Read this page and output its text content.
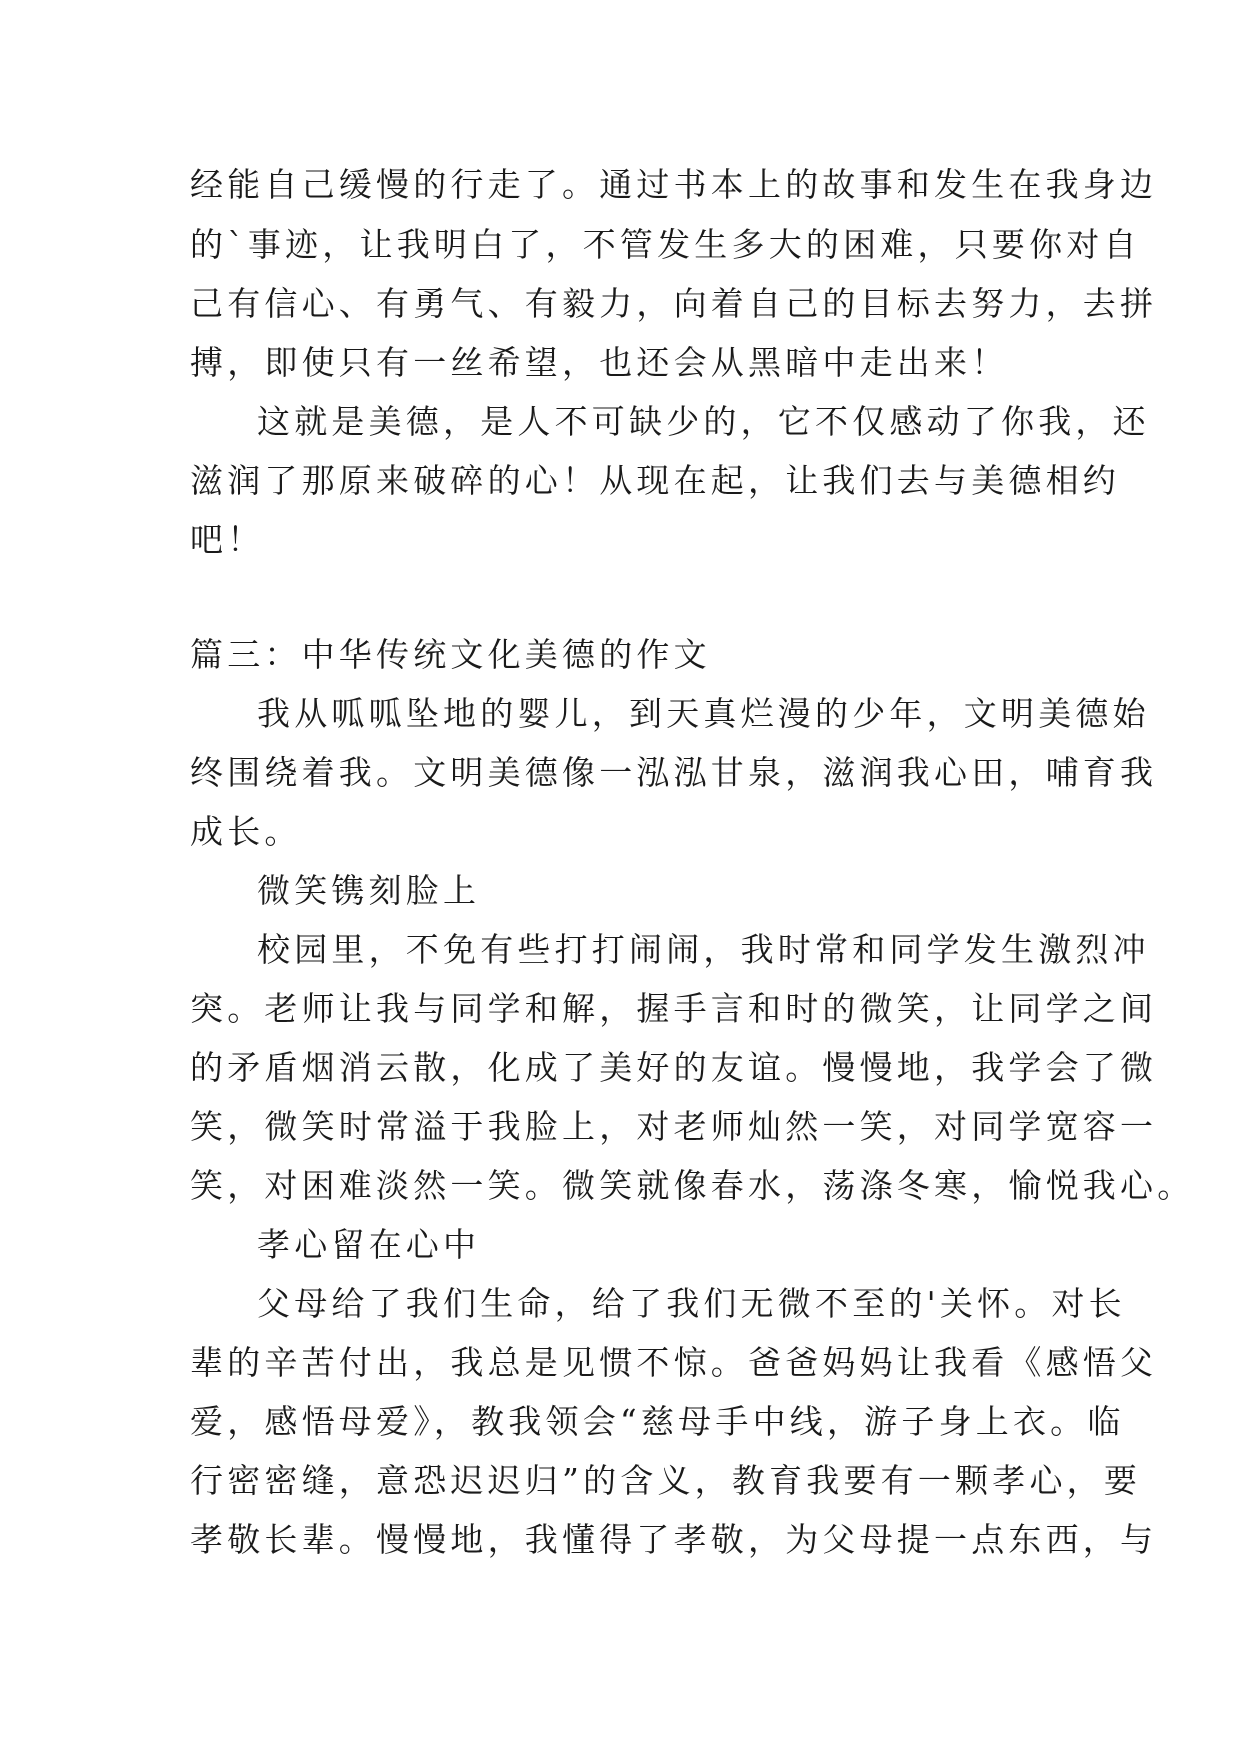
经能自己缓慢的行走了。通过书本上的故事和发生在我身边
的`事迹，让我明白了，不管发生多大的困难，只要你对自
己有信心、有勇气、有毅力，向着自己的目标去努力，去拼
搏，即使只有一丝希望，也还会从黑暗中走出来！
这就是美德，是人不可缺少的，它不仅感动了你我，还
滋润了那原来破碎的心！从现在起，让我们去与美德相约
吧！
篇三：中华传统文化美德的作文
我从呱呱坠地的婴儿，到天真烂漫的少年，文明美德始
终围绕着我。文明美德像一泓泓甘泉，滋润我心田，哺育我
成长。
微笑镌刻脸上
校园里，不免有些打打闹闹，我时常和同学发生激烈冲
突。老师让我与同学和解，握手言和时的微笑，让同学之间
的矛盾烟消云散，化成了美好的友谊。慢慢地，我学会了微
笑，微笑时常溢于我脸上，对老师灿然一笑，对同学宽容一
笑，对困难淡然一笑。微笑就像春水，荡涤冬寒，愉悦我心。
孝心留在心中
父母给了我们生命，给了我们无微不至的'关怀。对长
辈的辛苦付出，我总是见惯不惊。爸爸妈妈让我看《感悟父
爱，感悟母爱》，教我领会“慈母手中线，游子身上衣。临
行密密缝，意恐迟迟归”的含义，教育我要有一颗孝心，要
孝敬长辈。慢慢地，我懂得了孝敬，为父母提一点东西，与
